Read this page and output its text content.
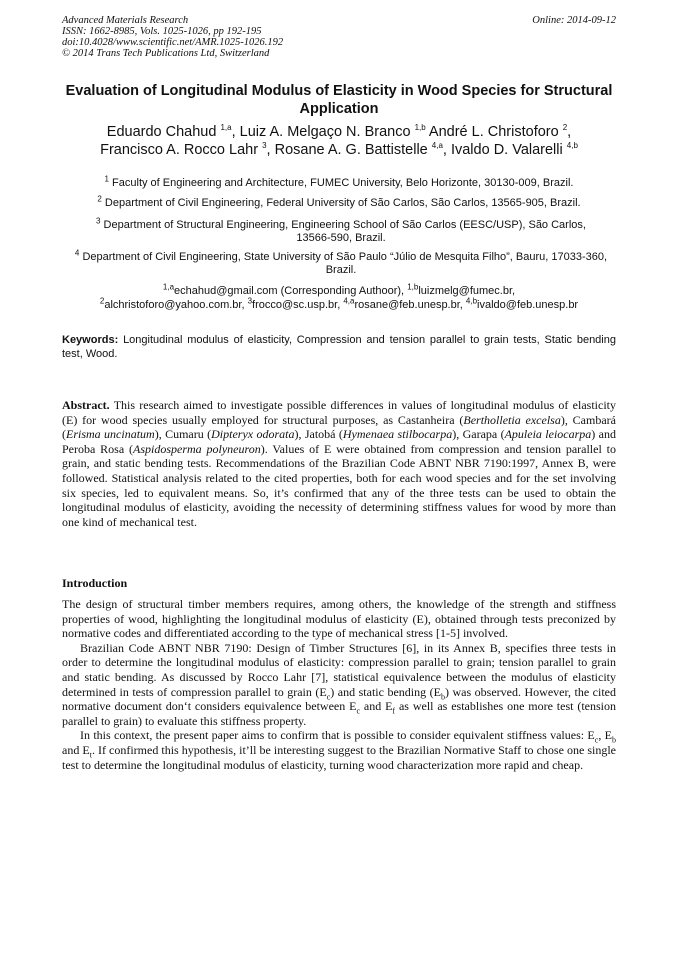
Advanced Materials Research
ISSN: 1662-8985, Vols. 1025-1026, pp 192-195
doi:10.4028/www.scientific.net/AMR.1025-1026.192
© 2014 Trans Tech Publications Ltd, Switzerland
Online: 2014-09-12
Evaluation of Longitudinal Modulus of Elasticity in Wood Species for Structural Application
Eduardo Chahud $^{1,a}$, Luiz A. Melgaço N. Branco $^{1,b}$ André L. Christoforo $^2$,
Francisco A. Rocco Lahr $^3$, Rosane A. G. Battistelle $^{4,a}$, Ivaldo D. Valarelli $^{4,b}$
$^1$ Faculty of Engineering and Architecture, FUMEC University, Belo Horizonte, 30130-009, Brazil.
$^2$ Department of Civil Engineering, Federal University of São Carlos, São Carlos, 13565-905, Brazil.
$^3$ Department of Structural Engineering, Engineering School of São Carlos (EESC/USP), São Carlos, 13566-590, Brazil.
$^4$ Department of Civil Engineering, State University of São Paulo “Júlio de Mesquita Filho”, Bauru, 17033-360, Brazil.
$^{1,a}$echahud@gmail.com (Corresponding Authoor), $^{1,b}$luizmelg@fumec.br,
$^2$alchristoforo@yahoo.com.br, $^3$frocco@sc.usp.br, $^{4,a}$rosane@feb.unesp.br, $^{4,b}$ivaldo@feb.unesp.br
Keywords: Longitudinal modulus of elasticity, Compression and tension parallel to grain tests, Static bending test, Wood.
Abstract. This research aimed to investigate possible differences in values of longitudinal modulus of elasticity (E) for wood species usually employed for structural purposes, as Castanheira (Bertholletia excelsa), Cambará (Erisma uncinatum), Cumaru (Dipteryx odorata), Jatobá (Hymenaea stilbocarpa), Garapa (Apuleia leiocarpa) and Peroba Rosa (Aspidosperma polyneuron). Values of E were obtained from compression and tension parallel to grain, and static bending tests. Recommendations of the Brazilian Code ABNT NBR 7190:1997, Annex B, were followed. Statistical analysis related to the cited properties, both for each wood species and for the set involving six species, led to equivalent means. So, it’s confirmed that any of the three tests can be used to obtain the longitudinal modulus of elasticity, avoiding the necessity of determining stiffness values for wood by more than one kind of mechanical test.
Introduction

The design of structural timber members requires, among others, the knowledge of the strength and stiffness properties of wood, highlighting the longitudinal modulus of elasticity (E), obtained through tests preconized by normative codes and differentiated according to the type of mechanical stress [1-5] involved.

Brazilian Code ABNT NBR 7190: Design of Timber Structures [6], in its Annex B, specifies three tests in order to determine the longitudinal modulus of elasticity: compression parallel to grain; tension parallel to grain and static bending. As discussed by Rocco Lahr [7], statistical equivalence between the modulus of elasticity determined in tests of compression parallel to grain $(E_c)$ and static bending $(E_b)$ was observed. However, the cited normative document don‘t considers equivalence between $E_c$ and $E_f$ as well as establishes one more test (tension parallel to grain) to evaluate this stiffness property.

In this context, the present paper aims to confirm that is possible to consider equivalent stiffness values: $E_c$, $E_b$ and $E_t$. If confirmed this hypothesis, it’ll be interesting suggest to the Brazilian Normative Staff to chose one single test to determine the longitudinal modulus of elasticity, turning wood characterization more rapid and cheap.
